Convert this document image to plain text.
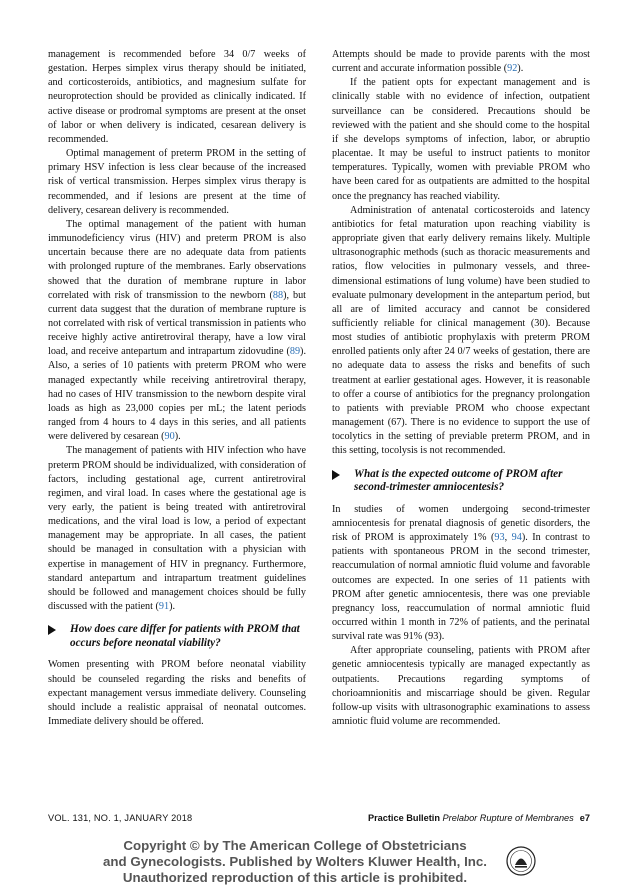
management is recommended before 34 0/7 weeks of gestation. Herpes simplex virus therapy should be initiated, and corticosteroids, antibiotics, and magnesium sulfate for neuroprotection should be provided as clinically indicated. If active disease or prodromal symptoms are present at the onset of labor or when delivery is indicated, cesarean delivery is recommended.

Optimal management of preterm PROM in the setting of primary HSV infection is less clear because of the increased risk of vertical transmission. Herpes simplex virus therapy is recommended, and if lesions are present at the time of delivery, cesarean delivery is recommended.

The optimal management of the patient with human immunodeficiency virus (HIV) and preterm PROM is also uncertain because there are no adequate data from patients with prolonged rupture of the membranes. Early observations showed that the duration of membrane rupture in labor correlated with risk of transmission to the newborn (88), but current data suggest that the duration of membrane rupture is not correlated with risk of vertical transmission in patients who receive highly active antiretroviral therapy, have a low viral load, and receive antepartum and intrapartum zidovudine (89). Also, a series of 10 patients with preterm PROM who were managed expectantly while receiving antiretroviral therapy, had no cases of HIV transmission to the newborn despite viral loads as high as 23,000 copies per mL; the latent periods ranged from 4 hours to 4 days in this series, and all patients were delivered by cesarean (90).

The management of patients with HIV infection who have preterm PROM should be individualized, with consideration of factors, including gestational age, current antiretroviral regimen, and viral load. In cases where the gestational age is very early, the patient is being treated with antiretroviral medications, and the viral load is low, a period of expectant management may be appropriate. In all cases, the patient should be managed in consultation with a physician with expertise in management of HIV in pregnancy. Furthermore, standard antepartum and intrapartum treatment guidelines should be followed and management choices should be fully discussed with the patient (91).

How does care differ for patients with PROM that occurs before neonatal viability?

Women presenting with PROM before neonatal viability should be counseled regarding the risks and benefits of expectant management versus immediate delivery. Counseling should include a realistic appraisal of neonatal outcomes. Immediate delivery should be offered.

Attempts should be made to provide parents with the most current and accurate information possible (92).

If the patient opts for expectant management and is clinically stable with no evidence of infection, outpatient surveillance can be considered. Precautions should be reviewed with the patient and she should come to the hospital if she develops symptoms of infection, labor, or abruptio placentae. It may be useful to instruct patients to monitor temperatures. Typically, women with previable PROM who have been cared for as outpatients are admitted to the hospital once the pregnancy has reached viability.

Administration of antenatal corticosteroids and latency antibiotics for fetal maturation upon reaching viability is appropriate given that early delivery remains likely. Multiple ultrasonographic methods (such as thoracic measurements and ratios, flow velocities in pulmonary vessels, and three-dimensional estimations of lung volume) have been studied to evaluate pulmonary development in the antepartum period, but all are of limited accuracy and cannot be considered sufficiently reliable for clinical management (30). Because most studies of antibiotic prophylaxis with preterm PROM enrolled patients only after 24 0/7 weeks of gestation, there are no adequate data to assess the risks and benefits of such treatment at earlier gestational ages. However, it is reasonable to offer a course of antibiotics for the pregnancy prolongation to patients with previable PROM who choose expectant management (67). There is no evidence to support the use of tocolytics in the setting of previable preterm PROM, and in this setting, tocolysis is not recommended.

What is the expected outcome of PROM after second-trimester amniocentesis?

In studies of women undergoing second-trimester amniocentesis for prenatal diagnosis of genetic disorders, the risk of PROM is approximately 1% (93, 94). In contrast to patients with spontaneous PROM in the second trimester, reaccumulation of normal amniotic fluid volume and favorable outcomes are expected. In one series of 11 patients with PROM after genetic amniocentesis, there was one previable pregnancy loss, reaccumulation of normal amniotic fluid occurred within 1 month in 72% of patients, and the perinatal survival rate was 91% (93).

After appropriate counseling, patients with PROM after genetic amniocentesis typically are managed expectantly as outpatients. Precautions regarding symptoms of chorioamnionitis and miscarriage should be given. Regular follow-up visits with ultrasonographic examinations to assess amniotic fluid volume are recommended.

VOL. 131, NO. 1, JANUARY 2018	Practice Bulletin Prelabor Rupture of Membranes e7
Copyright © by The American College of Obstetricians
and Gynecologists. Published by Wolters Kluwer Health, Inc.
Unauthorized reproduction of this article is prohibited.
